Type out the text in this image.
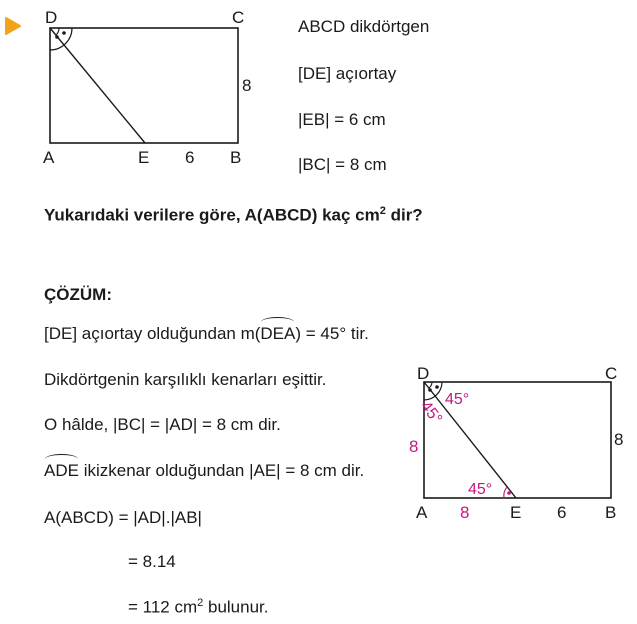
D	C
A	E	B
6
8
ABCD dikdörtgen
[DE] açıortay
|EB| = 6 cm
|BC| = 8 cm
Yukarıdaki verilere göre, A(ABCD) kaç $cm^2$ dir?
ÇÖZÜM:
[DE] açıortay olduğundan m(DEA) = 45° tir.
Dikdörtgenin karşılıklı kenarları eşittir.
O hâlde, |BC| = |AD| = 8 cm dir.
ADE ikizkenar olduğundan |AE| = 8 cm dir.
A(ABCD) = |AD|.|AB|
= 8.14
= 112 $cm^2$ bulunur.
D	C
A	E	B
8	8
8	6
45°
45°
45°
